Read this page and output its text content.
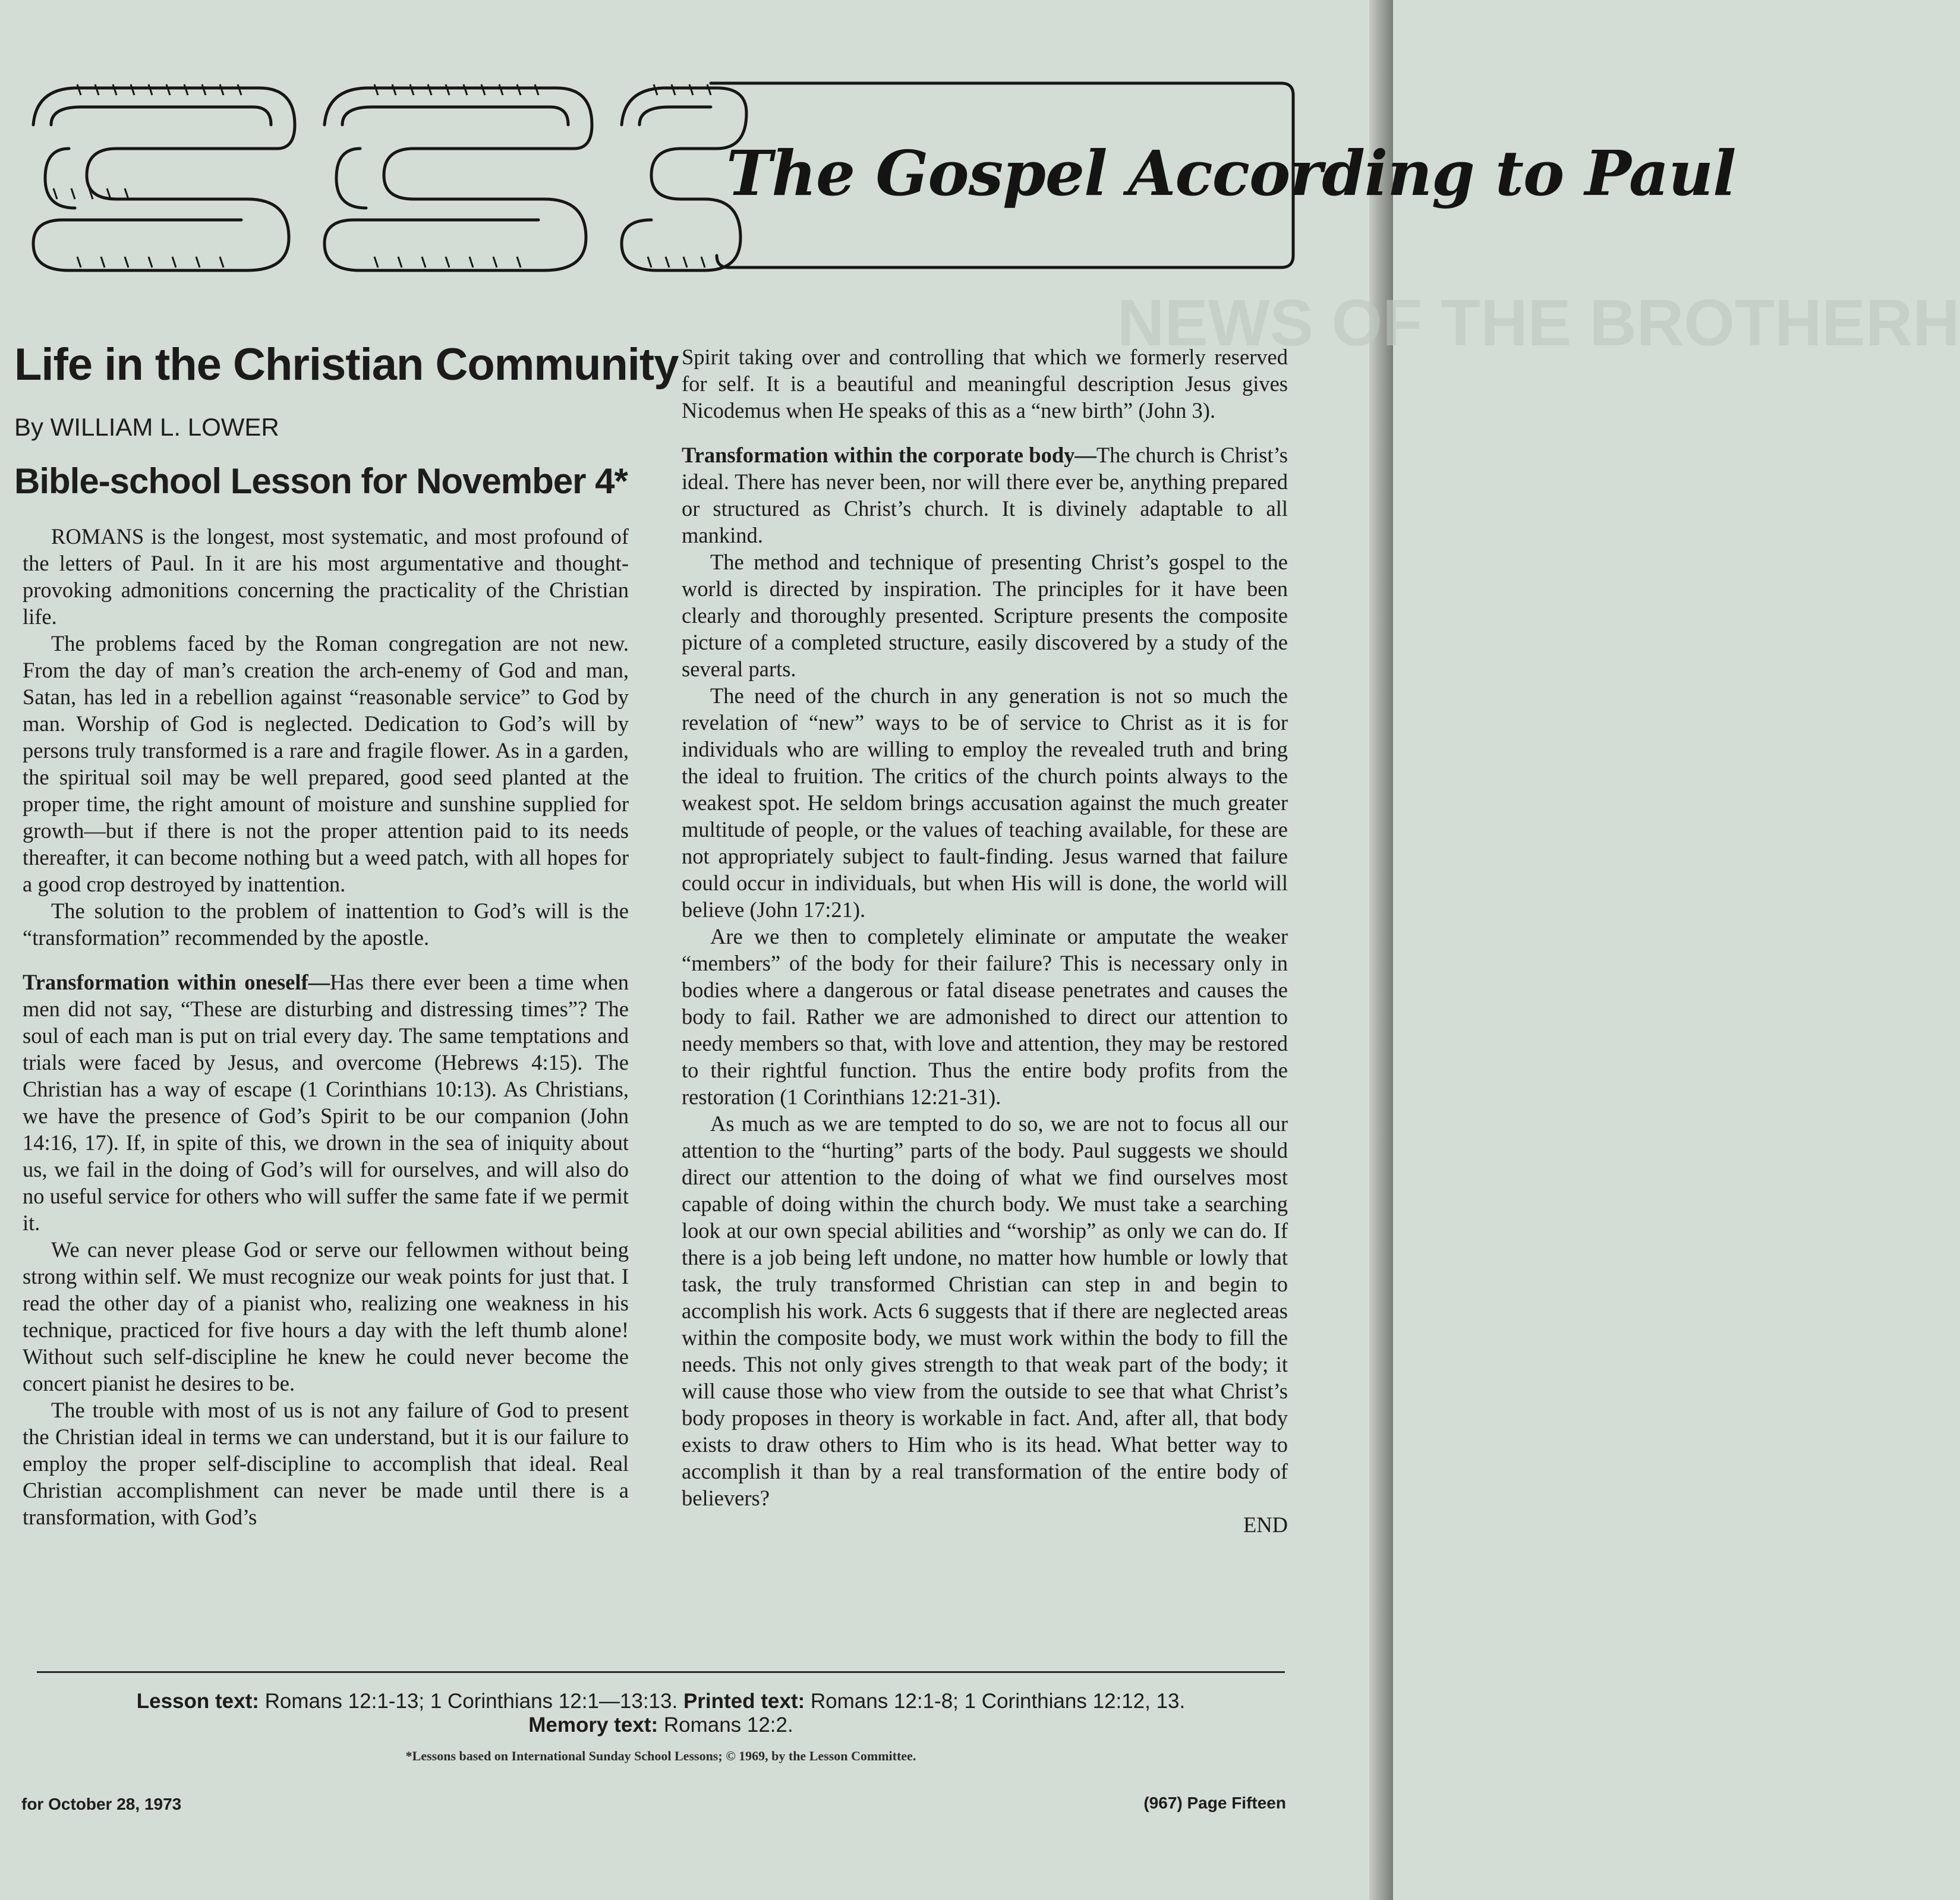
NEWS OF THE BROTHERH
The Gospel According to Paul
Life in the Christian Community
By WILLIAM L. LOWER
Bible-school Lesson for November 4*

ROMANS is the longest, most systematic, and most profound of the letters of Paul. In it are his most argumentative and thought-provoking admonitions concerning the practicality of the Christian life.

The problems faced by the Roman congregation are not new. From the day of man’s creation the arch-enemy of God and man, Satan, has led in a rebellion against “reasonable service” to God by man. Worship of God is neglected. Dedication to God’s will by persons truly transformed is a rare and fragile flower. As in a garden, the spiritual soil may be well prepared, good seed planted at the proper time, the right amount of moisture and sunshine supplied for growth—but if there is not the proper attention paid to its needs thereafter, it can become nothing but a weed patch, with all hopes for a good crop destroyed by inattention.

The solution to the problem of inattention to God’s will is the “transformation” recommended by the apostle.

Transformation within oneself—Has there ever been a time when men did not say, “These are disturbing and distressing times”? The soul of each man is put on trial every day. The same temptations and trials were faced by Jesus, and overcome (Hebrews 4:15). The Christian has a way of escape (1 Corinthians 10:13). As Christians, we have the presence of God’s Spirit to be our companion (John 14:16, 17). If, in spite of this, we drown in the sea of iniquity about us, we fail in the doing of God’s will for ourselves, and will also do no useful service for others who will suffer the same fate if we permit it.

We can never please God or serve our fellowmen without being strong within self. We must recognize our weak points for just that. I read the other day of a pianist who, realizing one weakness in his technique, practiced for five hours a day with the left thumb alone! Without such self-discipline he knew he could never become the concert pianist he desires to be.

The trouble with most of us is not any failure of God to present the Christian ideal in terms we can understand, but it is our failure to employ the proper self-discipline to accomplish that ideal. Real Christian accomplishment can never be made until there is a transformation, with God’s

Spirit taking over and controlling that which we formerly reserved for self. It is a beautiful and meaningful description Jesus gives Nicodemus when He speaks of this as a “new birth” (John 3).

Transformation within the corporate body—The church is Christ’s ideal. There has never been, nor will there ever be, anything prepared or structured as Christ’s church. It is divinely adaptable to all mankind.

The method and technique of presenting Christ’s gospel to the world is directed by inspiration. The principles for it have been clearly and thoroughly presented. Scripture presents the composite picture of a completed structure, easily discovered by a study of the several parts.

The need of the church in any generation is not so much the revelation of “new” ways to be of service to Christ as it is for individuals who are willing to employ the revealed truth and bring the ideal to fruition. The critics of the church points always to the weakest spot. He seldom brings accusation against the much greater multitude of people, or the values of teaching available, for these are not appropriately subject to fault-finding. Jesus warned that failure could occur in individuals, but when His will is done, the world will believe (John 17:21).

Are we then to completely eliminate or amputate the weaker “members” of the body for their failure? This is necessary only in bodies where a dangerous or fatal disease penetrates and causes the body to fail. Rather we are admonished to direct our attention to needy members so that, with love and attention, they may be restored to their rightful function. Thus the entire body profits from the restoration (1 Corinthians 12:21-31).

As much as we are tempted to do so, we are not to focus all our attention to the “hurting” parts of the body. Paul suggests we should direct our attention to the doing of what we find ourselves most capable of doing within the church body. We must take a searching look at our own special abilities and “worship” as only we can do. If there is a job being left undone, no matter how humble or lowly that task, the truly transformed Christian can step in and begin to accomplish his work. Acts 6 suggests that if there are neglected areas within the composite body, we must work within the body to fill the needs. This not only gives strength to that weak part of the body; it will cause those who view from the outside to see that what Christ’s body proposes in theory is workable in fact. And, after all, that body exists to draw others to Him who is its head. What better way to accomplish it than by a real transformation of the entire body of believers?

END

Lesson text: Romans 12:1-13; 1 Corinthians 12:1—13:13. Printed text: Romans 12:1-8; 1 Corinthians 12:12, 13.
Memory text: Romans 12:2.
*Lessons based on International Sunday School Lessons; © 1969, by the Lesson Committee.
for October 28, 1973	(967) Page Fifteen
